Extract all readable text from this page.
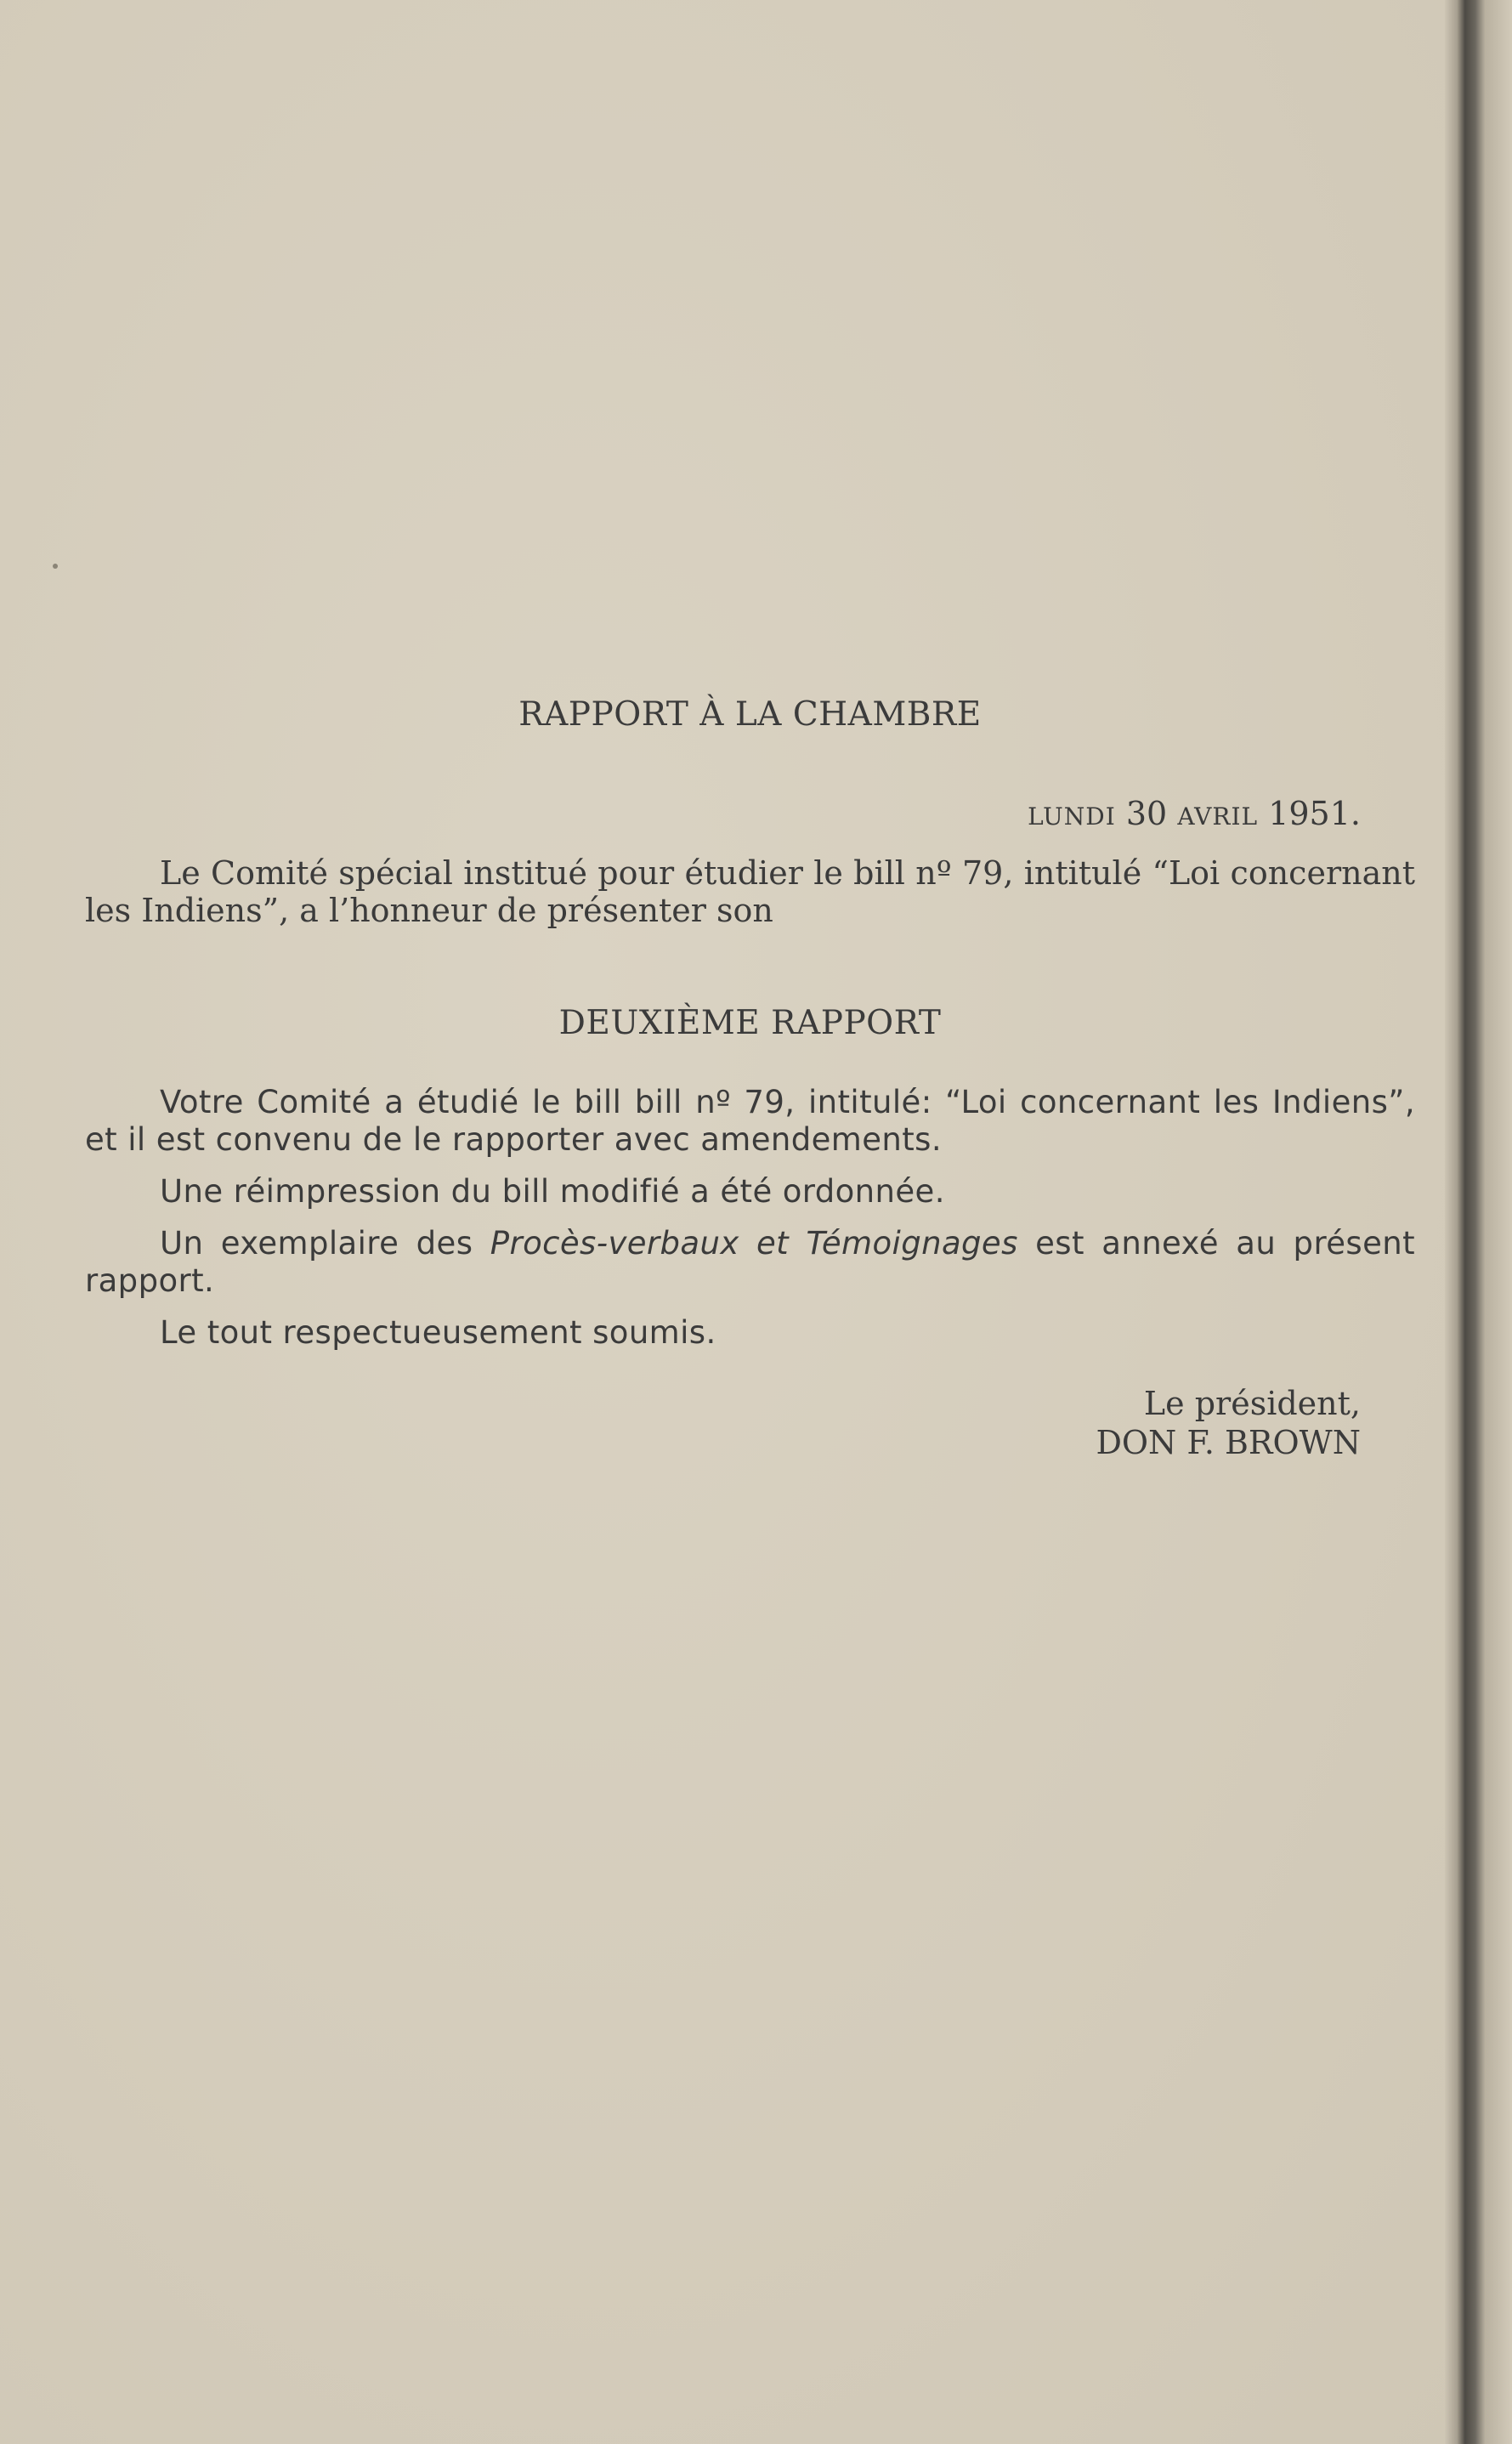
RAPPORT À LA CHAMBRE
LUNDI 30 AVRIL 1951.

Le Comité spécial institué pour étudier le bill nº 79, intitulé “Loi concernant les Indiens”, a l’honneur de présenter son

DEUXIÈME RAPPORT

Votre Comité a étudié le bill bill nº 79, intitulé: “Loi concernant les Indiens”, et il est convenu de le rapporter avec amendements.

Une réimpression du bill modifié a été ordonnée.

Un exemplaire des Procès-verbaux et Témoignages est annexé au présent rapport.

Le tout respectueusement soumis.

Le président,
DON F. BROWN
